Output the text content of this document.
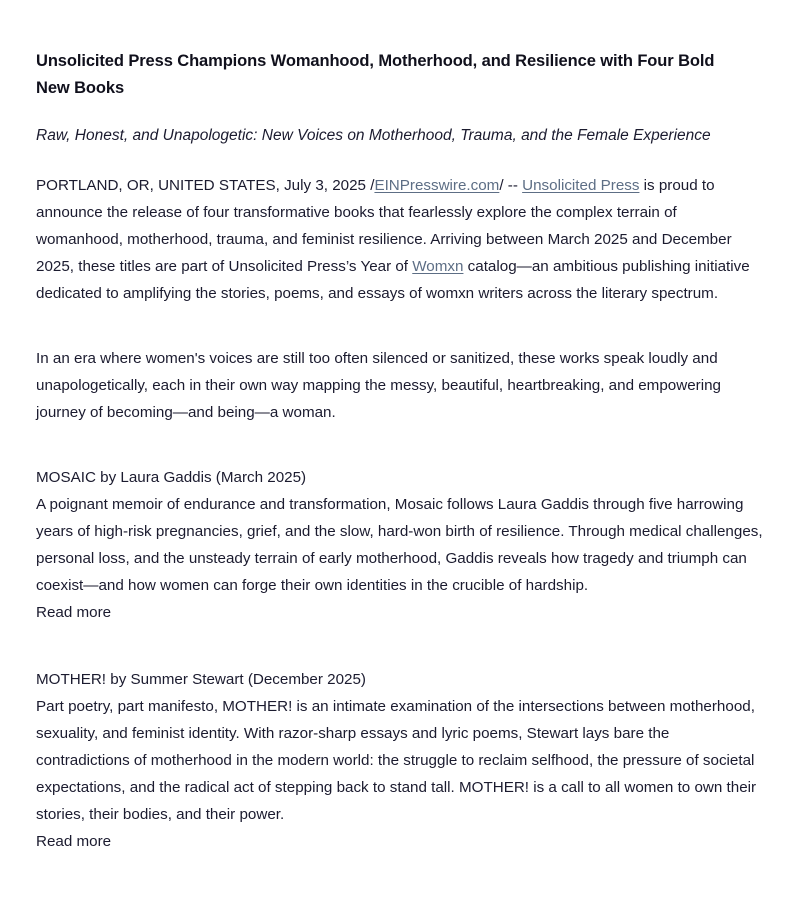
Unsolicited Press Champions Womanhood, Motherhood, and Resilience with Four Bold New Books
Raw, Honest, and Unapologetic: New Voices on Motherhood, Trauma, and the Female Experience

PORTLAND, OR, UNITED STATES, July 3, 2025 /EINPresswire.com/ -- Unsolicited Press is proud to announce the release of four transformative books that fearlessly explore the complex terrain of womanhood, motherhood, trauma, and feminist resilience. Arriving between March 2025 and December 2025, these titles are part of Unsolicited Press’s Year of Womxn catalog—an ambitious publishing initiative dedicated to amplifying the stories, poems, and essays of womxn writers across the literary spectrum.

In an era where women's voices are still too often silenced or sanitized, these works speak loudly and unapologetically, each in their own way mapping the messy, beautiful, heartbreaking, and empowering journey of becoming—and being—a woman.

MOSAIC by Laura Gaddis (March 2025)
A poignant memoir of endurance and transformation, Mosaic follows Laura Gaddis through five harrowing years of high-risk pregnancies, grief, and the slow, hard-won birth of resilience. Through medical challenges, personal loss, and the unsteady terrain of early motherhood, Gaddis reveals how tragedy and triumph can coexist—and how women can forge their own identities in the crucible of hardship.
Read more
MOTHER! by Summer Stewart (December 2025)
Part poetry, part manifesto, MOTHER! is an intimate examination of the intersections between motherhood, sexuality, and feminist identity. With razor-sharp essays and lyric poems, Stewart lays bare the contradictions of motherhood in the modern world: the struggle to reclaim selfhood, the pressure of societal expectations, and the radical act of stepping back to stand tall. MOTHER! is a call to all women to own their stories, their bodies, and their power.
Read more
